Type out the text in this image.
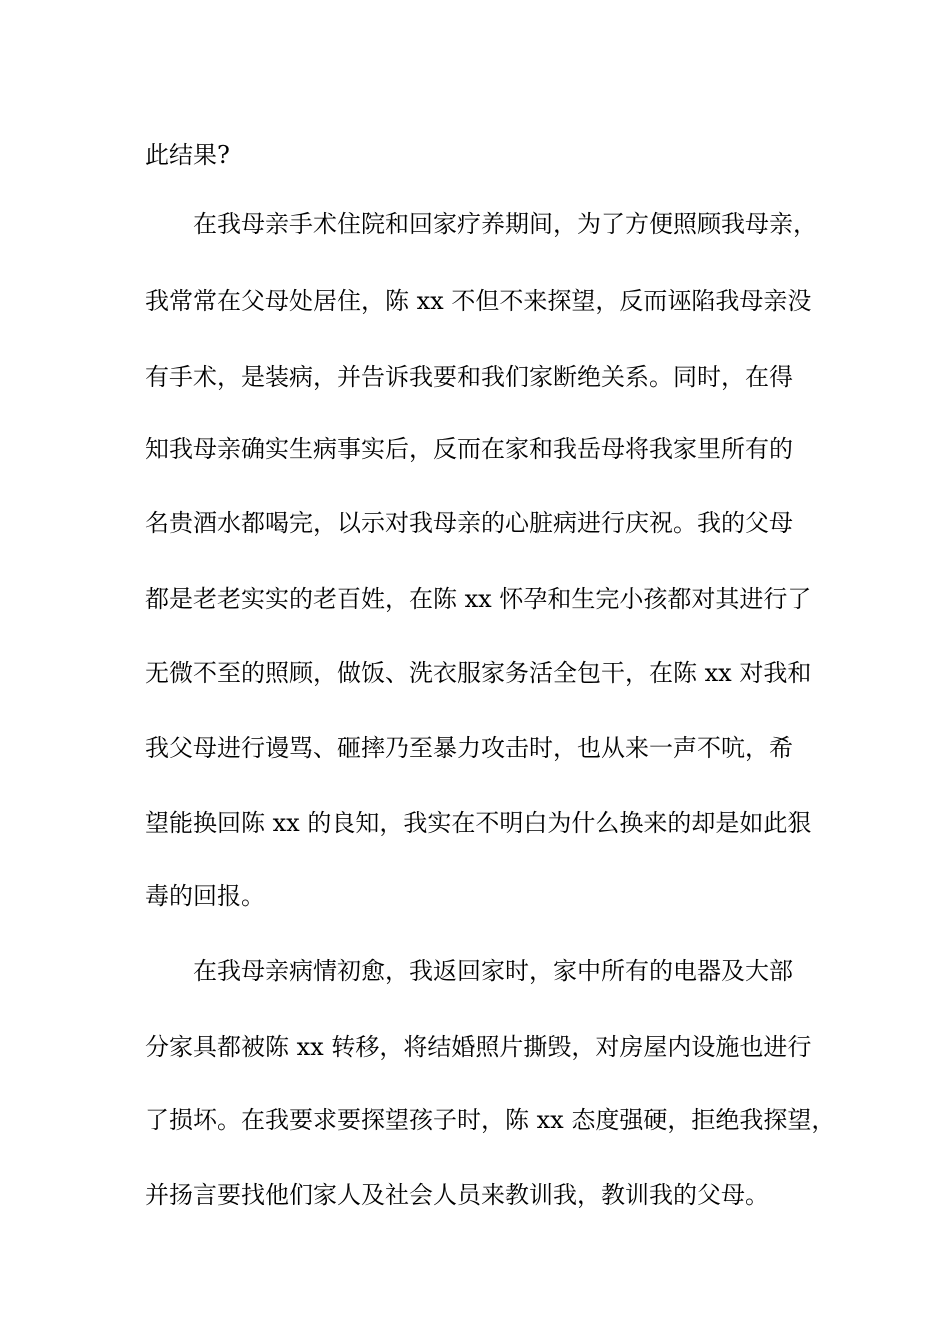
此结果?
在我母亲手术住院和回家疗养期间，为了方便照顾我母亲，
我常常在父母处居住，陈 xx 不但不来探望，反而诬陷我母亲没
有手术，是装病，并告诉我要和我们家断绝关系。同时，在得
知我母亲确实生病事实后，反而在家和我岳母将我家里所有的
名贵酒水都喝完，以示对我母亲的心脏病进行庆祝。我的父母
都是老老实实的老百姓，在陈 xx 怀孕和生完小孩都对其进行了
无微不至的照顾，做饭、洗衣服家务活全包干，在陈 xx 对我和
我父母进行谩骂、砸摔乃至暴力攻击时，也从来一声不吭，希
望能换回陈 xx 的良知，我实在不明白为什么换来的却是如此狠
毒的回报。
在我母亲病情初愈，我返回家时，家中所有的电器及大部
分家具都被陈 xx 转移，将结婚照片撕毁，对房屋内设施也进行
了损坏。在我要求要探望孩子时，陈 xx 态度强硬，拒绝我探望，
并扬言要找他们家人及社会人员来教训我，教训我的父母。
